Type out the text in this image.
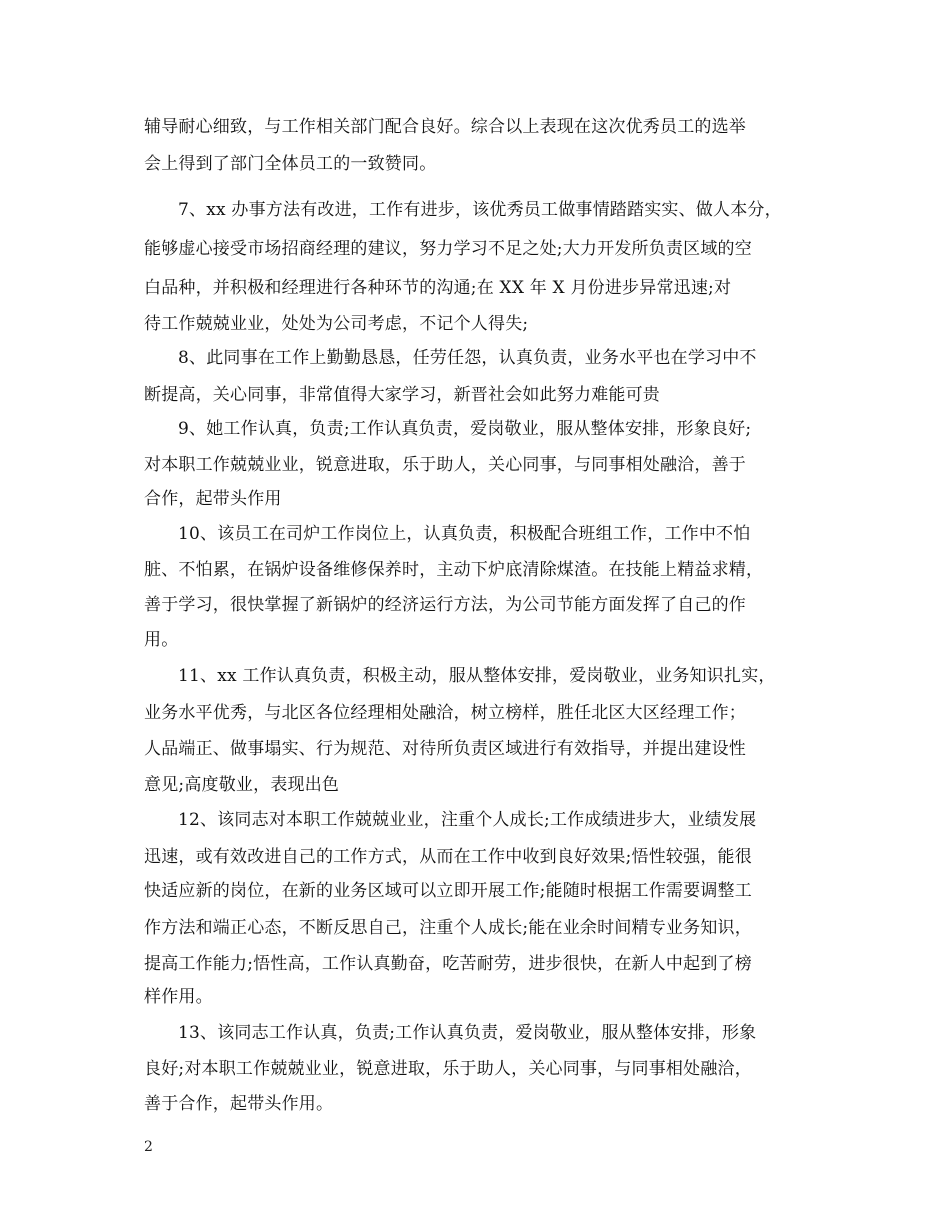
辅导耐心细致，与工作相关部门配合良好。综合以上表现在这次优秀员工的选举
会上得到了部门全体员工的一致赞同。
7、xx 办事方法有改进，工作有进步，该优秀员工做事情踏踏实实、做人本分，
能够虚心接受市场招商经理的建议，努力学习不足之处;大力开发所负责区域的空
白品种，并积极和经理进行各种环节的沟通;在 XX 年 X 月份进步异常迅速;对
待工作兢兢业业，处处为公司考虑，不记个人得失;
8、此同事在工作上勤勤恳恳，任劳任怨，认真负责，业务水平也在学习中不
断提高，关心同事，非常值得大家学习，新晋社会如此努力难能可贵
9、她工作认真，负责;工作认真负责，爱岗敬业，服从整体安排，形象良好;
对本职工作兢兢业业，锐意进取，乐于助人，关心同事，与同事相处融洽，善于
合作，起带头作用
10、该员工在司炉工作岗位上，认真负责，积极配合班组工作，工作中不怕
脏、不怕累，在锅炉设备维修保养时，主动下炉底清除煤渣。在技能上精益求精，
善于学习，很快掌握了新锅炉的经济运行方法，为公司节能方面发挥了自己的作
用。
11、xx 工作认真负责，积极主动，服从整体安排，爱岗敬业，业务知识扎实，
业务水平优秀，与北区各位经理相处融洽，树立榜样，胜任北区大区经理工作；
人品端正、做事塌实、行为规范、对待所负责区域进行有效指导，并提出建设性
意见;高度敬业，表现出色
12、该同志对本职工作兢兢业业，注重个人成长;工作成绩进步大，业绩发展
迅速，或有效改进自己的工作方式，从而在工作中收到良好效果;悟性较强，能很
快适应新的岗位，在新的业务区域可以立即开展工作;能随时根据工作需要调整工
作方法和端正心态，不断反思自己，注重个人成长;能在业余时间精专业务知识，
提高工作能力;悟性高，工作认真勤奋，吃苦耐劳，进步很快，在新人中起到了榜
样作用。
13、该同志工作认真，负责;工作认真负责，爱岗敬业，服从整体安排，形象
良好;对本职工作兢兢业业，锐意进取，乐于助人，关心同事，与同事相处融洽，
善于合作，起带头作用。
2
